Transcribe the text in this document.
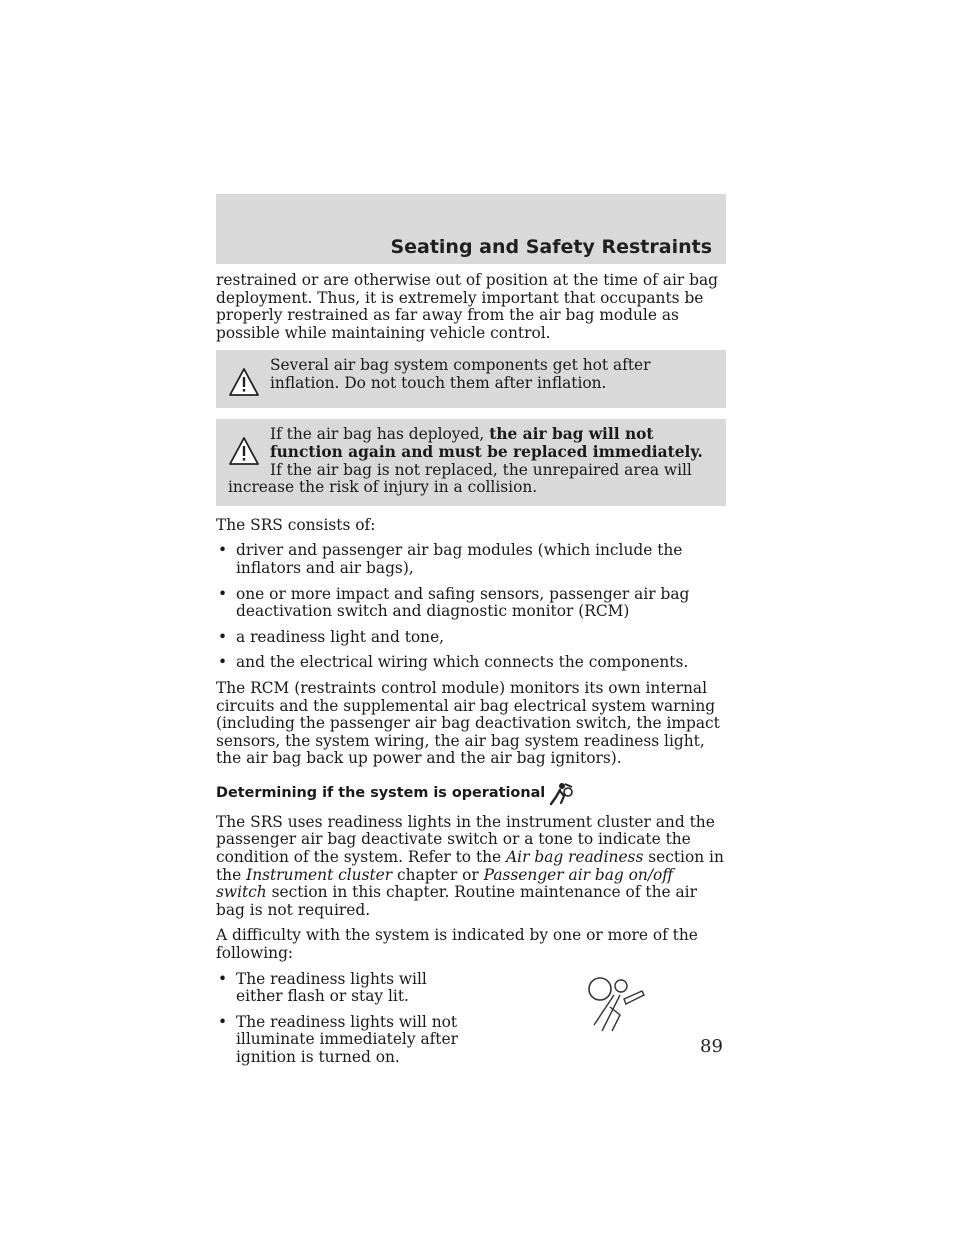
Seating and Safety Restraints

restrained or are otherwise out of position at the time of air bag deployment. Thus, it is extremely important that occupants be properly restrained as far away from the air bag module as possible while maintaining vehicle control.

Several air bag system components get hot after inflation. Do not touch them after inflation.

If the air bag has deployed, the air bag will not function again and must be replaced immediately. If the air bag is not replaced, the unrepaired area will increase the risk of injury in a collision.

The SRS consists of:

• driver and passenger air bag modules (which include the inflators and air bags),
• one or more impact and safing sensors, passenger air bag deactivation switch and diagnostic monitor (RCM)
• a readiness light and tone,
• and the electrical wiring which connects the components.

The RCM (restraints control module) monitors its own internal circuits and the supplemental air bag electrical system warning (including the passenger air bag deactivation switch, the impact sensors, the system wiring, the air bag system readiness light, the air bag back up power and the air bag ignitors).

Determining if the system is operational

The SRS uses readiness lights in the instrument cluster and the passenger air bag deactivate switch or a tone to indicate the condition of the system. Refer to the Air bag readiness section in the Instrument cluster chapter or Passenger air bag on/off switch section in this chapter. Routine maintenance of the air bag is not required.

A difficulty with the system is indicated by one or more of the following:

• The readiness lights will either flash or stay lit.
• The readiness lights will not illuminate immediately after ignition is turned on.	89
